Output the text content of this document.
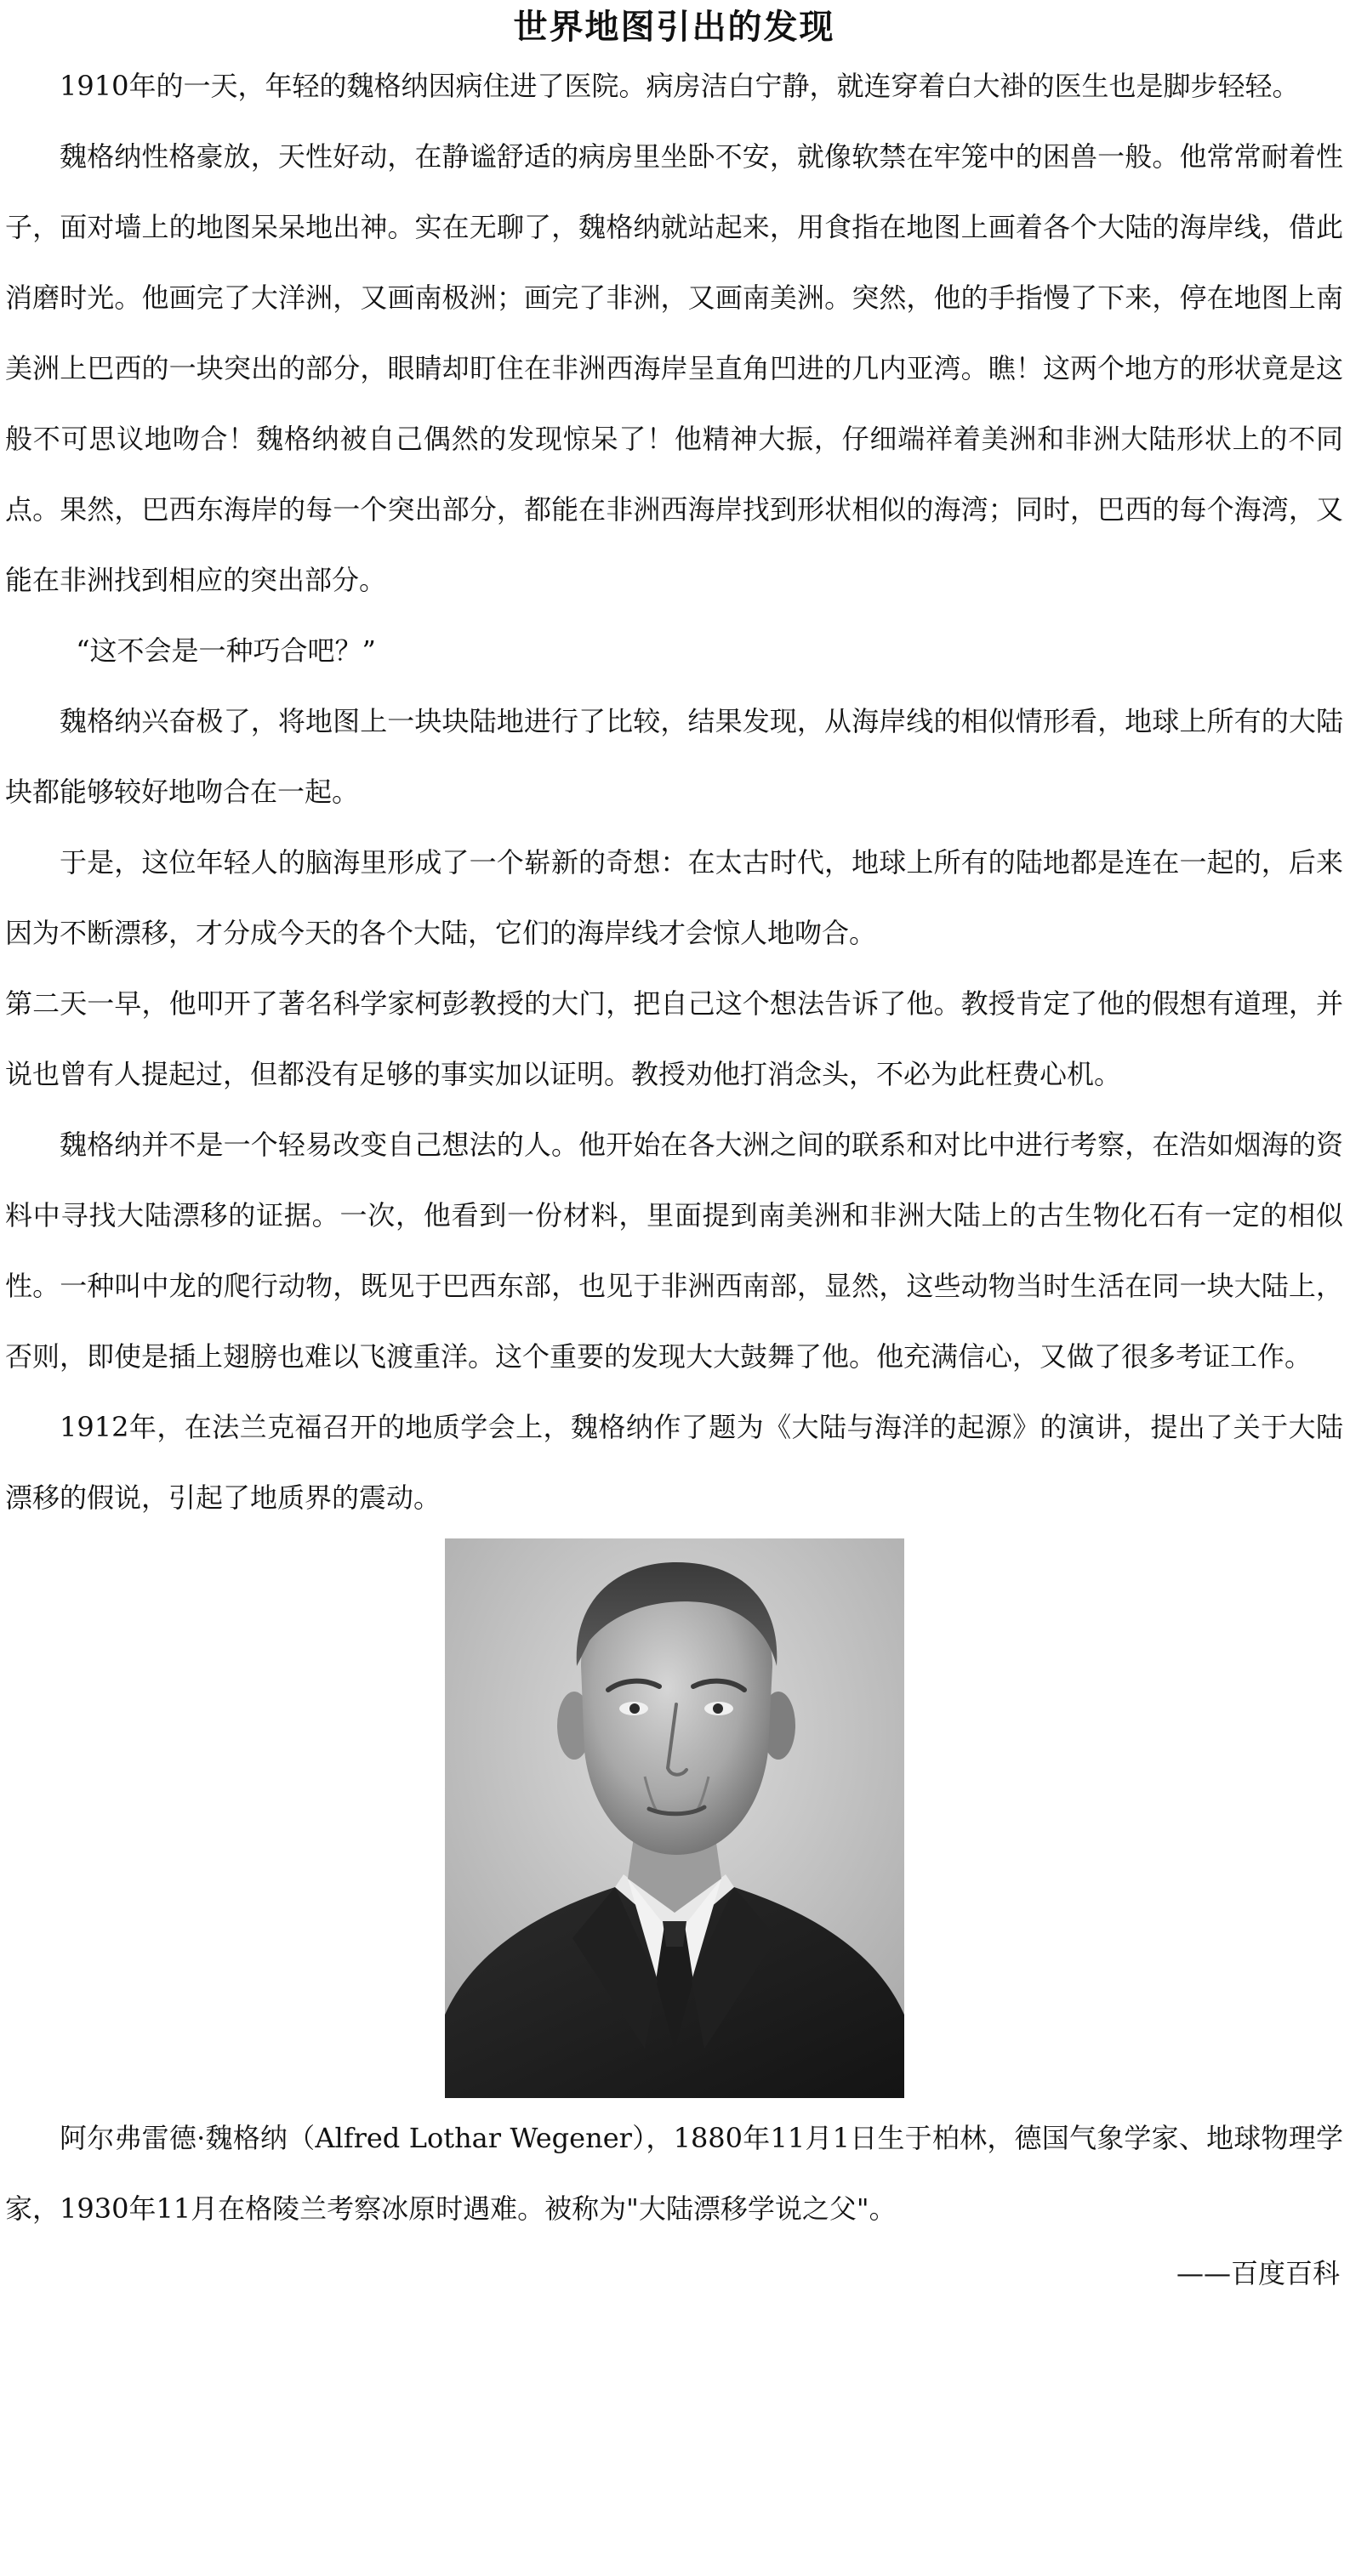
世界地图引出的发现

1910年的一天，年轻的魏格纳因病住进了医院。病房洁白宁静，就连穿着白大褂的医生也是脚步轻轻。

魏格纳性格豪放，天性好动，在静谧舒适的病房里坐卧不安，就像软禁在牢笼中的困兽一般。他常常耐着性子，面对墙上的地图呆呆地出神。实在无聊了，魏格纳就站起来，用食指在地图上画着各个大陆的海岸线，借此消磨时光。他画完了大洋洲，又画南极洲；画完了非洲，又画南美洲。突然，他的手指慢了下来，停在地图上南美洲上巴西的一块突出的部分，眼睛却盯住在非洲西海岸呈直角凹进的几内亚湾。瞧！这两个地方的形状竟是这般不可思议地吻合！魏格纳被自己偶然的发现惊呆了！他精神大振，仔细端祥着美洲和非洲大陆形状上的不同点。果然，巴西东海岸的每一个突出部分，都能在非洲西海岸找到形状相似的海湾；同时，巴西的每个海湾，又能在非洲找到相应的突出部分。

“这不会是一种巧合吧？”

魏格纳兴奋极了，将地图上一块块陆地进行了比较，结果发现，从海岸线的相似情形看，地球上所有的大陆块都能够较好地吻合在一起。

于是，这位年轻人的脑海里形成了一个崭新的奇想：在太古时代，地球上所有的陆地都是连在一起的，后来因为不断漂移，才分成今天的各个大陆，它们的海岸线才会惊人地吻合。

第二天一早，他叩开了著名科学家柯彭教授的大门，把自己这个想法告诉了他。教授肯定了他的假想有道理，并说也曾有人提起过，但都没有足够的事实加以证明。教授劝他打消念头，不必为此枉费心机。

魏格纳并不是一个轻易改变自己想法的人。他开始在各大洲之间的联系和对比中进行考察，在浩如烟海的资料中寻找大陆漂移的证据。一次，他看到一份材料，里面提到南美洲和非洲大陆上的古生物化石有一定的相似性。一种叫中龙的爬行动物，既见于巴西东部，也见于非洲西南部，显然，这些动物当时生活在同一块大陆上，否则，即使是插上翅膀也难以飞渡重洋。这个重要的发现大大鼓舞了他。他充满信心，又做了很多考证工作。

1912年，在法兰克福召开的地质学会上，魏格纳作了题为《大陆与海洋的起源》的演讲，提出了关于大陆漂移的假说，引起了地质界的震动。

阿尔弗雷德·魏格纳（Alfred Lothar Wegener），1880年11月1日生于柏林，德国气象学家、地球物理学家，1930年11月在格陵兰考察冰原时遇难。被称为"大陆漂移学说之父"。

——百度百科
